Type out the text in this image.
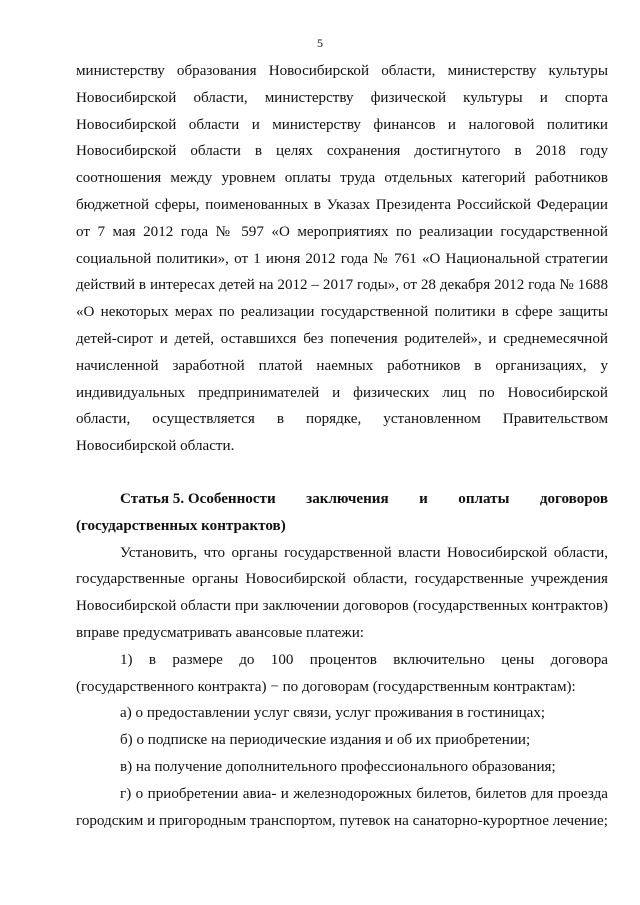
5

министерству образования Новосибирской области, министерству культуры Новосибирской области, министерству физической культуры и спорта Новосибирской области и министерству финансов и налоговой политики Новосибирской области в целях сохранения достигнутого в 2018 году соотношения между уровнем оплаты труда отдельных категорий работников бюджетной сферы, поименованных в Указах Президента Российской Федерации от 7 мая 2012 года № 597 «О мероприятиях по реализации государственной социальной политики», от 1 июня 2012 года № 761 «О Национальной стратегии действий в интересах детей на 2012 – 2017 годы», от 28 декабря 2012 года № 1688 «О некоторых мерах по реализации государственной политики в сфере защиты детей-сирот и детей, оставшихся без попечения родителей», и среднемесячной начисленной заработной платой наемных работников в организациях, у индивидуальных предпринимателей и физических лиц по Новосибирской области, осуществляется в порядке, установленном Правительством Новосибирской области.

Статья 5. Особенности заключения и оплаты договоров
(государственных контрактов)

Установить, что органы государственной власти Новосибирской области, государственные органы Новосибирской области, государственные учреждения Новосибирской области при заключении договоров (государственных контрактов) вправе предусматривать авансовые платежи:

1) в размере до 100 процентов включительно цены договора (государственного контракта) − по договорам (государственным контрактам):

а) о предоставлении услуг связи, услуг проживания в гостиницах;

б) о подписке на периодические издания и об их приобретении;

в) на получение дополнительного профессионального образования;

г) о приобретении авиа- и железнодорожных билетов, билетов для проезда городским и пригородным транспортом, путевок на санаторно-курортное лечение;
